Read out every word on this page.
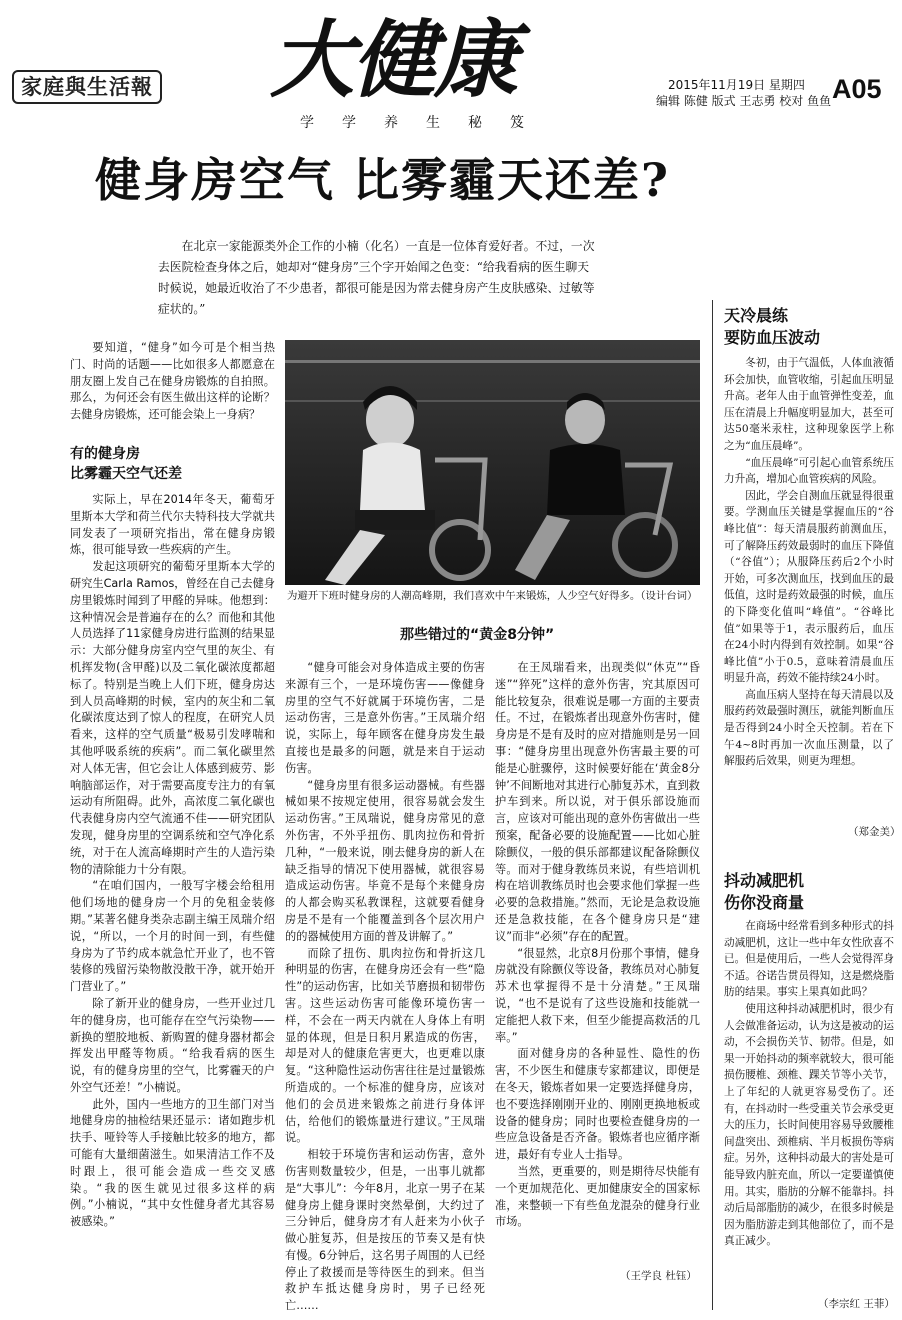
家庭與生活報 大健康
学学养生秘笈
2015年11月19日 星期四
编辑 陈健 版式 王志勇 校对 鱼鱼 A05
健身房空气 比雾霾天还差?
在北京一家能源类外企工作的小楠（化名）一直是一位体育爱好者。不过，一次去医院检查身体之后，她却对“健身房”三个字开始闻之色变：“给我看病的医生聊天时候说，她最近收治了不少患者，都很可能是因为常去健身房产生皮肤感染、过敏等症状的。”

要知道，“健身”如今可是个相当热门、时尚的话题——比如很多人都愿意在朋友圈上发自己在健身房锻炼的自拍照。那么，为何还会有医生做出这样的论断？去健身房锻炼，还可能会染上一身病？

有的健身房
比雾霾天空气还差

实际上，早在2014年冬天，葡萄牙里斯本大学和荷兰代尔夫特科技大学就共同发表了一项研究指出，常在健身房锻炼，很可能导致一些疾病的产生。

发起这项研究的葡萄牙里斯本大学的研究生Carla Ramos，曾经在自己去健身房里锻炼时闻到了甲醛的异味。他想到：这种情况会是普遍存在的么？而他和其他人员选择了11家健身房进行监测的结果显示：大部分健身房室内空气里的灰尘、有机挥发物(含甲醛)以及二氧化碳浓度都超标了。特别是当晚上人们下班，健身房达到人员高峰期的时候，室内的灰尘和二氧化碳浓度达到了惊人的程度，在研究人员看来，这样的空气质量“极易引发哮喘和其他呼吸系统的疾病”。而二氧化碳里然对人体无害，但它会让人体感到疲劳、影响脑部运作，对于需要高度专注力的有氧运动有所阻碍。此外，高浓度二氧化碳也代表健身房内空气流通不佳——研究团队发现，健身房里的空调系统和空气净化系统，对于在人流高峰期时产生的人造污染物的清除能力十分有限。

“在咱们国内，一般写字楼会给租用他们场地的健身房一个月的免租金装修期。”某著名健身类杂志副主编王凤瑞介绍说，“所以，一个月的时间一到，有些健身房为了节约成本就急忙开业了，也不管装修的残留污染物散没散干净，就开始开门营业了。”

除了新开业的健身房，一些开业过几年的健身房，也可能存在空气污染物——新换的塑胶地板、新购置的健身器材都会挥发出甲醛等物质。“给我看病的医生说，有的健身房里的空气，比雾霾天的户外空气还差！”小楠说。

此外，国内一些地方的卫生部门对当地健身房的抽检结果还显示：诸如跑步机扶手、哑铃等人手接触比较多的地方，都可能有大量细菌滋生。如果清洁工作不及时跟上，很可能会造成一些交叉感染。“我的医生就见过很多这样的病例。”小楠说，“其中女性健身者尤其容易被感染。”

为避开下班时健身房的人潮高峰期，我们喜欢中午来锻炼，人少空气好得多。（设计台词）
那些错过的“黄金8分钟”

“健身可能会对身体造成主要的伤害来源有三个，一是环境伤害——像健身房里的空气不好就属于环境伤害，二是运动伤害，三是意外伤害。”王凤瑞介绍说，实际上，每年顾客在健身房发生最直接也是最多的问题，就是来自于运动伤害。

“健身房里有很多运动器械。有些器械如果不按规定使用，很容易就会发生运动伤害。”王凤瑞说，健身房常见的意外伤害，不外乎扭伤、肌肉拉伤和骨折几种，“一般来说，刚去健身房的新人在缺乏指导的情况下使用器械，就很容易造成运动伤害。毕竟不是每个来健身房的人都会购买私教课程，这就要看健身房是不是有一个能覆盖到各个层次用户的的器械使用方面的普及讲解了。”

而除了扭伤、肌肉拉伤和骨折这几种明显的伤害，在健身房还会有一些“隐性”的运动伤害，比如关节磨损和韧带伤害。这些运动伤害可能像环境伤害一样，不会在一两天内就在人身体上有明显的体现，但是日积月累造成的伤害，却是对人的健康危害更大，也更难以康复。“这种隐性运动伤害往往是过量锻炼所造成的。一个标准的健身房，应该对他们的会员进来锻炼之前进行身体评估，给他们的锻炼量进行建议。”王凤瑞说。

相较于环境伤害和运动伤害，意外伤害则数量较少，但是，一出事儿就都是“大事儿”：今年8月，北京一男子在某健身房上健身课时突然晕倒，大约过了三分钟后，健身房才有人赶来为小伙子做心脏复苏，但是按压的节奏又是有快有慢。6分钟后，这名男子周围的人已经停止了救援而是等待医生的到来。但当救护车抵达健身房时，男子已经死亡……

在王凤瑞看来，出现类似“休克”“昏迷”“猝死”这样的意外伤害，究其原因可能比较复杂，很难说是哪一方面的主要责任。不过，在锻炼者出现意外伤害时，健身房是不是有及时的应对措施则是另一回事：“健身房里出现意外伤害最主要的可能是心脏骤停，这时候要好能在‘黄金8分钟’不间断地对其进行心肺复苏术，直到救护车到来。所以说，对于俱乐部设施而言，应该对可能出现的意外伤害做出一些预案，配备必要的设施配置——比如心脏除颤仪，一般的俱乐部都建议配备除颤仪等。而对于健身教练员来说，有些培训机构在培训教练员时也会要求他们掌握一些必要的急救措施。”然而，无论是急救设施还是急救技能，在各个健身房只是“建议”而非“必须”存在的配置。

“很显然，北京8月份那个事情，健身房就没有除颤仪等设备，教练员对心肺复苏术也掌握得不是十分清楚。”王凤瑞说，“也不是说有了这些设施和技能就一定能把人救下来，但至少能提高救活的几率。”

面对健身房的各种显性、隐性的伤害，不少医生和健康专家都建议，即便是在冬天，锻炼者如果一定要选择健身房，也不要选择刚刚开业的、刚刚更换地板或设备的健身房；同时也要检查健身房的一些应急设备是否齐备。锻炼者也应循序渐进，最好有专业人士指导。

当然，更重要的，则是期待尽快能有一个更加规范化、更加健康安全的国家标准，来整顿一下有些鱼龙混杂的健身行业市场。

（王学良 杜钰）
天冷晨练
要防血压波动

冬初，由于气温低，人体血液循环会加快，血管收缩，引起血压明显升高。老年人由于血管弹性变差，血压在清晨上升幅度明显加大，甚至可达50毫米汞柱，这种现象医学上称之为“血压晨峰”。

“血压晨峰”可引起心血管系统压力升高，增加心血管疾病的风险。

因此，学会自测血压就显得很重要。学测血压关键是掌握血压的“谷峰比值”：每天清晨服药前测血压，可了解降压药效最弱时的血压下降值（“谷值”）；从服降压药后2个小时开始，可多次测血压，找到血压的最低值，这时是药效最强的时候，血压的下降变化值叫“峰值”。“谷峰比值”如果等于1，表示服药后，血压在24小时内得到有效控制。如果“谷峰比值”小于0.5，意味着清晨血压明显升高，药效不能持续24小时。

高血压病人坚持在每天清晨以及服药药效最强时测压，就能判断血压是否得到24小时全天控制。若在下午4~8时再加一次血压测量，以了解服药后效果，则更为理想。

（郑金美）
抖动减肥机
伤你没商量

在商场中经常看到多种形式的抖动减肥机，这让一些中年女性欣喜不已。但是使用后，一些人会觉得浑身不适。谷诺告贯员得知，这是燃烧脂肪的结果。事实上果真如此吗？

使用这种抖动减肥机时，很少有人会做准备运动，认为这是被动的运动，不会损伤关节、韧带。但是，如果一开始抖动的频率就较大，很可能损伤腰椎、颈椎、踝关节等小关节，上了年纪的人就更容易受伤了。还有，在抖动时一些受重关节会承受更大的压力，长时间使用容易导致腰椎间盘突出、颈椎病、半月板损伤等病症。另外，这种抖动最大的害处是可能导致内脏充血，所以一定要谨慎使用。其实，脂肪的分解不能靠抖。抖动后局部脂肪的减少，在很多时候是因为脂肪游走到其他部位了，而不是真正减少。

（李宗红 王菲）
